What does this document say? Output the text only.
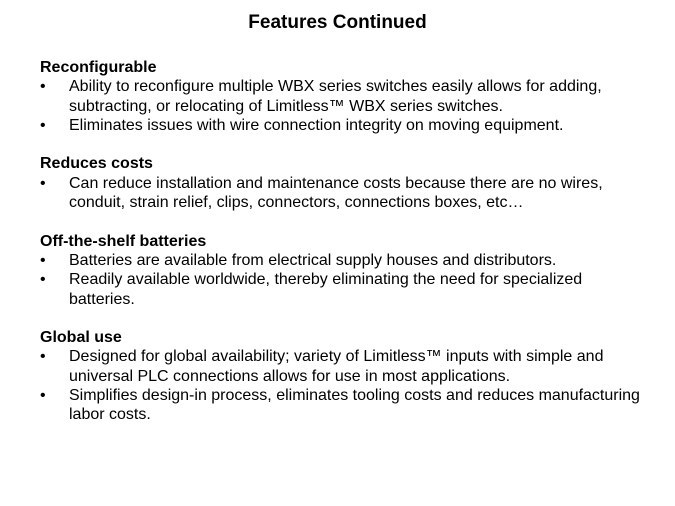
Features Continued
Reconfigurable
• Ability to reconfigure multiple WBX series switches easily allows for adding, subtracting, or relocating of Limitless™ WBX series switches.
• Eliminates issues with wire connection integrity on moving equipment.
Reduces costs
• Can reduce installation and maintenance costs because there are no wires, conduit, strain relief, clips, connectors, connections boxes, etc…
Off-the-shelf batteries
• Batteries are available from electrical supply houses and distributors.
• Readily available worldwide, thereby eliminating the need for specialized batteries.
Global use
• Designed for global availability; variety of Limitless™ inputs with simple and universal PLC connections allows for use in most applications.
• Simplifies design-in process, eliminates tooling costs and reduces manufacturing labor costs.
